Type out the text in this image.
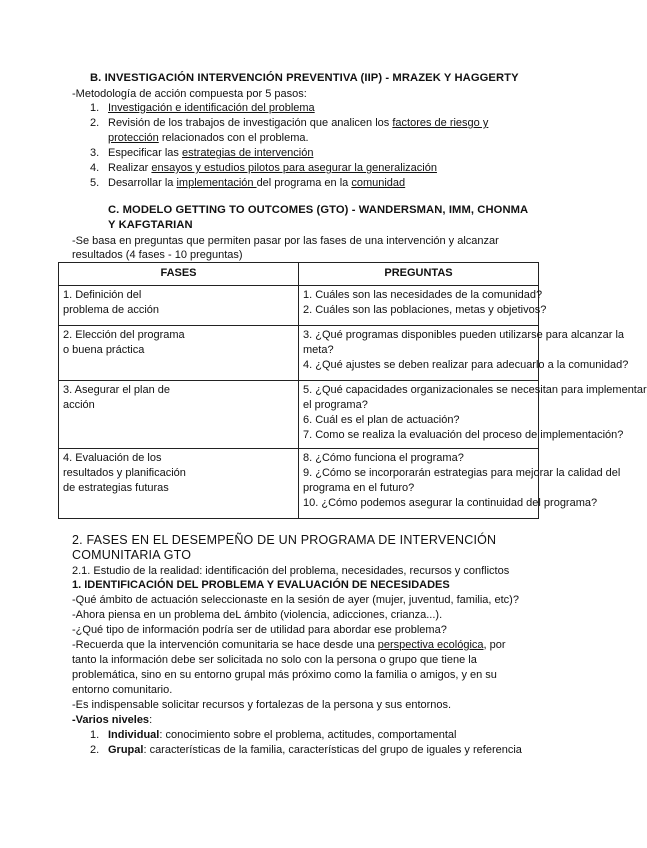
B. INVESTIGACIÓN INTERVENCIÓN PREVENTIVA (IIP) - MRAZEK Y HAGGERTY
-Metodología de acción compuesta por 5 pasos:
1. Investigación e identificación del problema
2. Revisión de los trabajos de investigación que analicen los factores de riesgo y
protección relacionados con el problema.
3. Especificar las estrategias de intervención
4. Realizar ensayos y estudios pilotos para asegurar la generalización
5. Desarrollar la implementación del programa en la comunidad
C. MODELO GETTING TO OUTCOMES (GTO) - WANDERSMAN, IMM, CHONMA
Y KAFGTARIAN
-Se basa en preguntas que permiten pasar por las fases de una intervención y alcanzar
resultados (4 fases - 10 preguntas)
FASES	PREGUNTAS

1. Definición del
problema de acción	1. Cuáles son las necesidades de la comunidad?
2. Cuáles son las poblaciones, metas y objetivos?

2. Elección del programa
o buena práctica	3. ¿Qué programas disponibles pueden utilizarse para alcanzar la
meta?
4. ¿Qué ajustes se deben realizar para adecuarlo a la comunidad?

3. Asegurar el plan de
acción	5. ¿Qué capacidades organizacionales se necesitan para implementar
el programa?
6. Cuál es el plan de actuación?
7. Como se realiza la evaluación del proceso de implementación?

4. Evaluación de los
resultados y planificación
de estrategias futuras	8. ¿Cómo funciona el programa?
9. ¿Cómo se incorporarán estrategias para mejorar la calidad del
programa en el futuro?
10. ¿Cómo podemos asegurar la continuidad del programa?
2. FASES EN EL DESEMPEÑO DE UN PROGRAMA DE INTERVENCIÓN
COMUNITARIA GTO
2.1. Estudio de la realidad: identificación del problema, necesidades, recursos y conflictos
1. IDENTIFICACIÓN DEL PROBLEMA Y EVALUACIÓN DE NECESIDADES
-Qué ámbito de actuación seleccionaste en la sesión de ayer (mujer, juventud, familia, etc)?
-Ahora piensa en un problema deL ámbito (violencia, adicciones, crianza...).
-¿Qué tipo de información podría ser de utilidad para abordar ese problema?
-Recuerda que la intervención comunitaria se hace desde una perspectiva ecológica, por
tanto la información debe ser solicitada no solo con la persona o grupo que tiene la
problemática, sino en su entorno grupal más próximo como la familia o amigos, y en su
entorno comunitario.
-Es indispensable solicitar recursos y fortalezas de la persona y sus entornos.
-Varios niveles:
1. Individual: conocimiento sobre el problema, actitudes, comportamental
2. Grupal: características de la familia, características del grupo de iguales y referencia
